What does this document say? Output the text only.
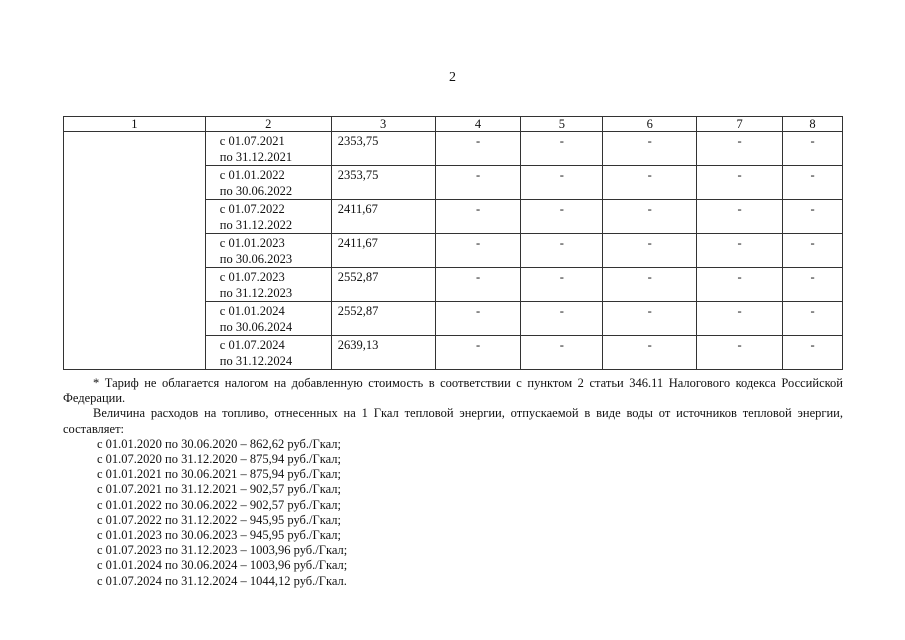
2
1	2	3	4	5	6	7	8

	с 01.07.2021
по 31.12.2021	2353,75	-	-	-	-	-

	с 01.01.2022
по 30.06.2022	2353,75	-	-	-	-	-

	с 01.07.2022
по 31.12.2022	2411,67	-	-	-	-	-

	с 01.01.2023
по 30.06.2023	2411,67	-	-	-	-	-

	с 01.07.2023
по 31.12.2023	2552,87	-	-	-	-	-

	с 01.01.2024
по 30.06.2024	2552,87	-	-	-	-	-

	с 01.07.2024
по 31.12.2024	2639,13	-	-	-	-	-

* Тариф не облагается налогом на добавленную стоимость в соответствии с пунктом 2 статьи 346.11 Налогового кодекса Российской Федерации.

Величина расходов на топливо, отнесенных на 1 Гкал тепловой энергии, отпускаемой в виде воды от источников тепловой энергии, составляет:

с 01.01.2020 по 30.06.2020 – 862,62 руб./Гкал;
с 01.07.2020 по 31.12.2020 – 875,94 руб./Гкал;
с 01.01.2021 по 30.06.2021 – 875,94 руб./Гкал;
с 01.07.2021 по 31.12.2021 – 902,57 руб./Гкал;
с 01.01.2022 по 30.06.2022 – 902,57 руб./Гкал;
с 01.07.2022 по 31.12.2022 – 945,95 руб./Гкал;
с 01.01.2023 по 30.06.2023 – 945,95 руб./Гкал;
с 01.07.2023 по 31.12.2023 – 1003,96 руб./Гкал;
с 01.01.2024 по 30.06.2024 – 1003,96 руб./Гкал;
с 01.07.2024 по 31.12.2024 – 1044,12 руб./Гкал.
